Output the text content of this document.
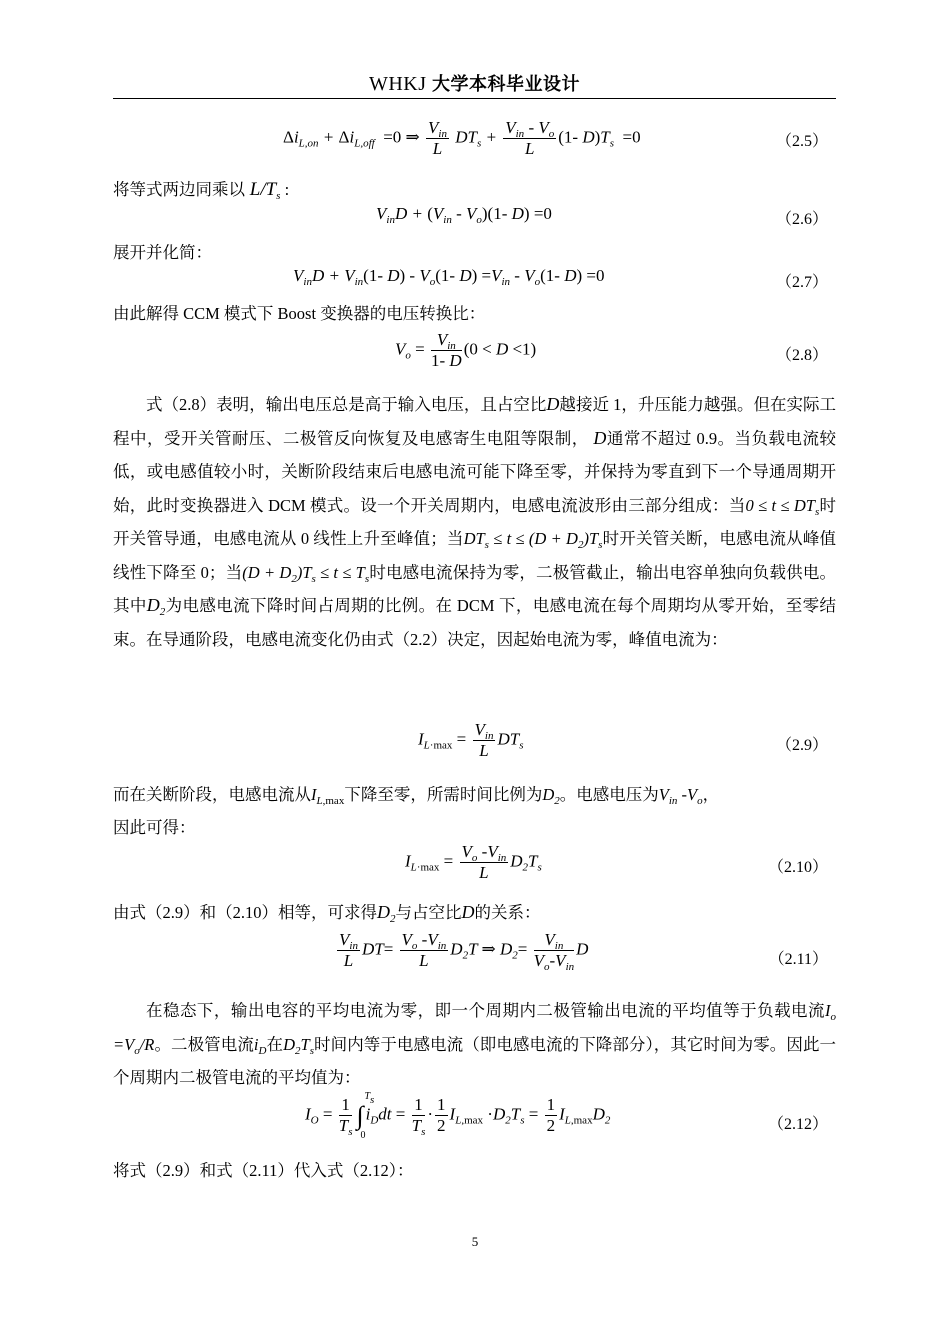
WHKJ 大学本科毕业设计
$\Delta i_{L,on} + \Delta i_{L,off} =0$ ⇒ $\frac{V_{in}}{L} DT_s + \frac{V_{in} - V_o}{L} (1-$ $D)T_s =0$	（2.5）
将等式两边同乘以 $L/T_s$ :
$V_{in}D + (V_{in} - V_o)(1-$ D) =0	（2.6）
展开并化简：
$V_{in}D + V_{in}(1-$ $D) - V_o(1-$ $D) =V_{in} - V_o(1-$ D) =0	（2.7）
由此解得 CCM 模式下 Boost 变换器的电压转换比：
$V_o = \frac{V_{in}}{1- D} (0 < D <1)$	（2.8）
式（2.8）表明，输出电压总是高于输入电压，且占空比D越接近 1，升压能力越强。但在实际工程中，受开关管耐压、二极管反向恢复及电感寄生电阻等限制， D通常不超过 0.9。当负载电流较低，或电感值较小时，关断阶段结束后电感电流可能下降至零，并保持为零直到下一个导通周期开始，此时变换器进入 DCM 模式。设一个开关周期内，电感电流波形由三部分组成：当$0 \le t \le DT_s$时开关管导通，电感电流从 0 线性上升至峰值；当$DT_s \le t \le (D + D_2)T_s$时开关管关断，电感电流从峰值线性下降至 0；当$(D + D_2)T_s \le t \le T_s$时电感电流保持为零，二极管截止，输出电容单独向负载供电。其中$D_2$为电感电流下降时间占周期的比例。在 DCM 下，电感电流在每个周期均从零开始，至零结束。在导通阶段，电感电流变化仍由式（2.2）决定，因起始电流为零，峰值电流为：
$I_{L\cdot max} = \frac{V_{in}}{L} DT_s$	（2.9）
而在关断阶段，电感电流从$I_{L,max}$下降至零，所需时间比例为$D_2$。电感电压为$V_{in}$ $-V_o$，
因此可得：
$I_{L\cdot max} = \frac{V_o -V_{in}}{L} D_2T_s$	（2.10）
由式（2.9）和（2.10）相等，可求得$D_2$与占空比D的关系：
$\frac{V_{in}}{L} DT= \frac{V_o -V_{in}}{L} D_2T$ ⇒ $D_2= \frac{V_{in}}{V_o-V_{in}}$ D
（2.11）
在稳态下，输出电容的平均电流为零，即一个周期内二极管输出电流的平均值等于负载电流$I_o =V_o/R$。二极管电流$i_D$在$D_2T_s$时间内等于电感电流（即电感电流的下降部分），其它时间为零。因此一个周期内二极管电流的平均值为：
$I_O = \frac{1}{T_s}$ ∫
$T_s$
0
$i_Ddt = \frac{1}{T_s} \cdot \frac{1}{2} I_{L,max} \cdot D_2T_s = \frac{1}{2} I_{L,max}D_2$	（2.12）
将式（2.9）和式（2.11）代入式（2.12）：
5
